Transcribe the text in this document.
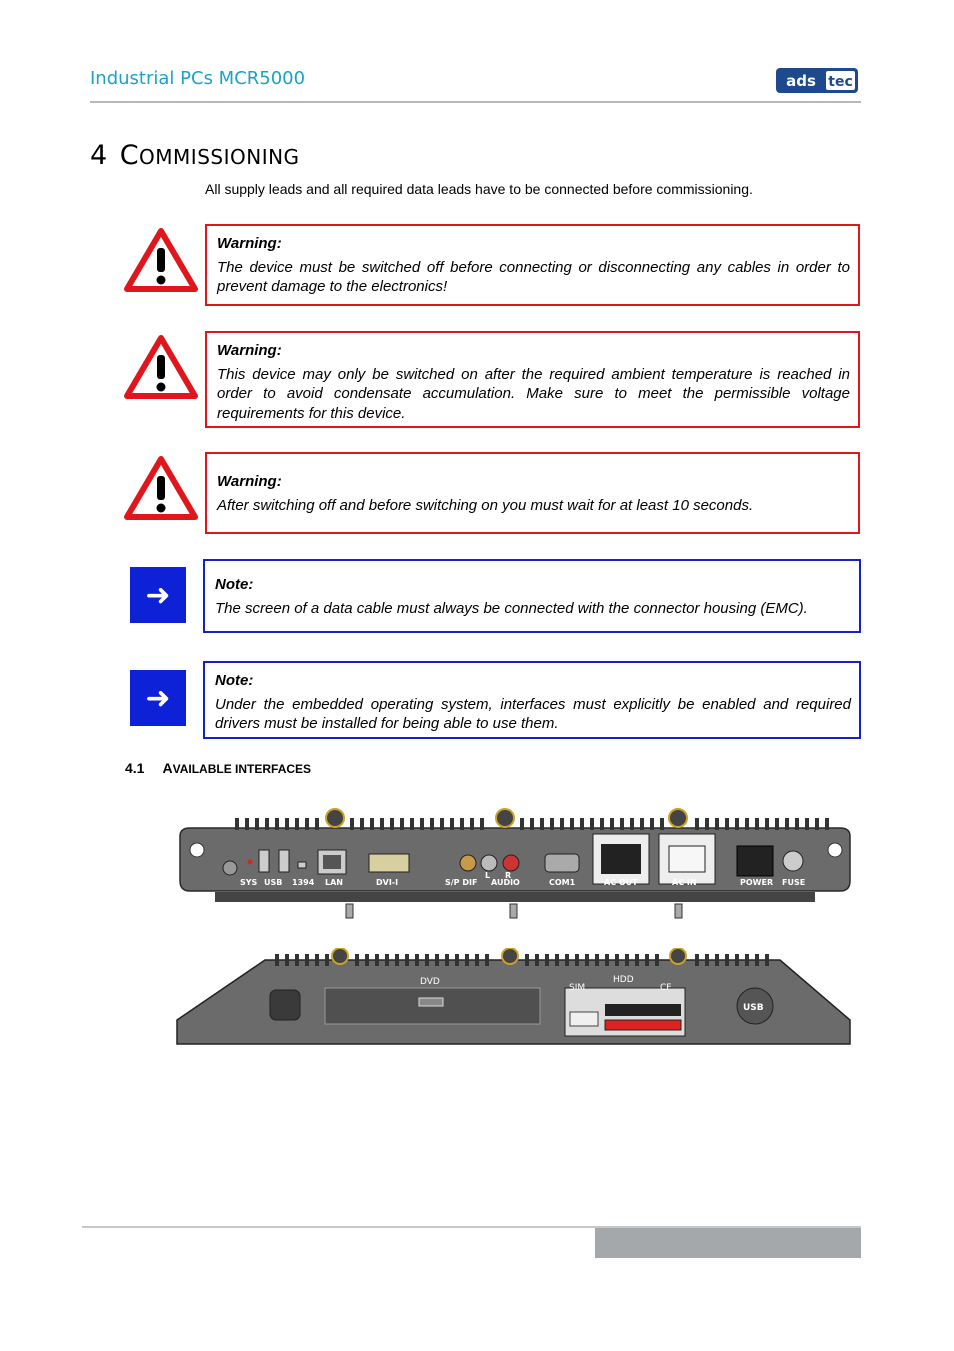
Industrial PCs MCR5000	ads tec
4 COMMISSIONING
All supply leads and all required data leads have to be connected before commissioning.
Warning:
The device must be switched off before connecting or disconnecting any cables in order to prevent damage to the electronics!
Warning:
This device may only be switched on after the required ambient temperature is reached in order to avoid condensate accumulation. Make sure to meet the permissible voltage requirements for this device.
Warning:
After switching off and before switching on you must wait for at least 10 seconds.
➜	Note:
The screen of a data cable must always be connected with the connector housing (EMC).
➜	Note:
Under the embedded operating system, interfaces must explicitly be enabled and required drivers must be installed for being able to use them.
4.1 AVAILABLE INTERFACES
SYS USB 1394 LAN	DVI-I	S/P DIF
L R
AUDIO	COM1	AC OUT	AC IN	POWER FUSE
DVD
SIM
HDD
CF
USB
